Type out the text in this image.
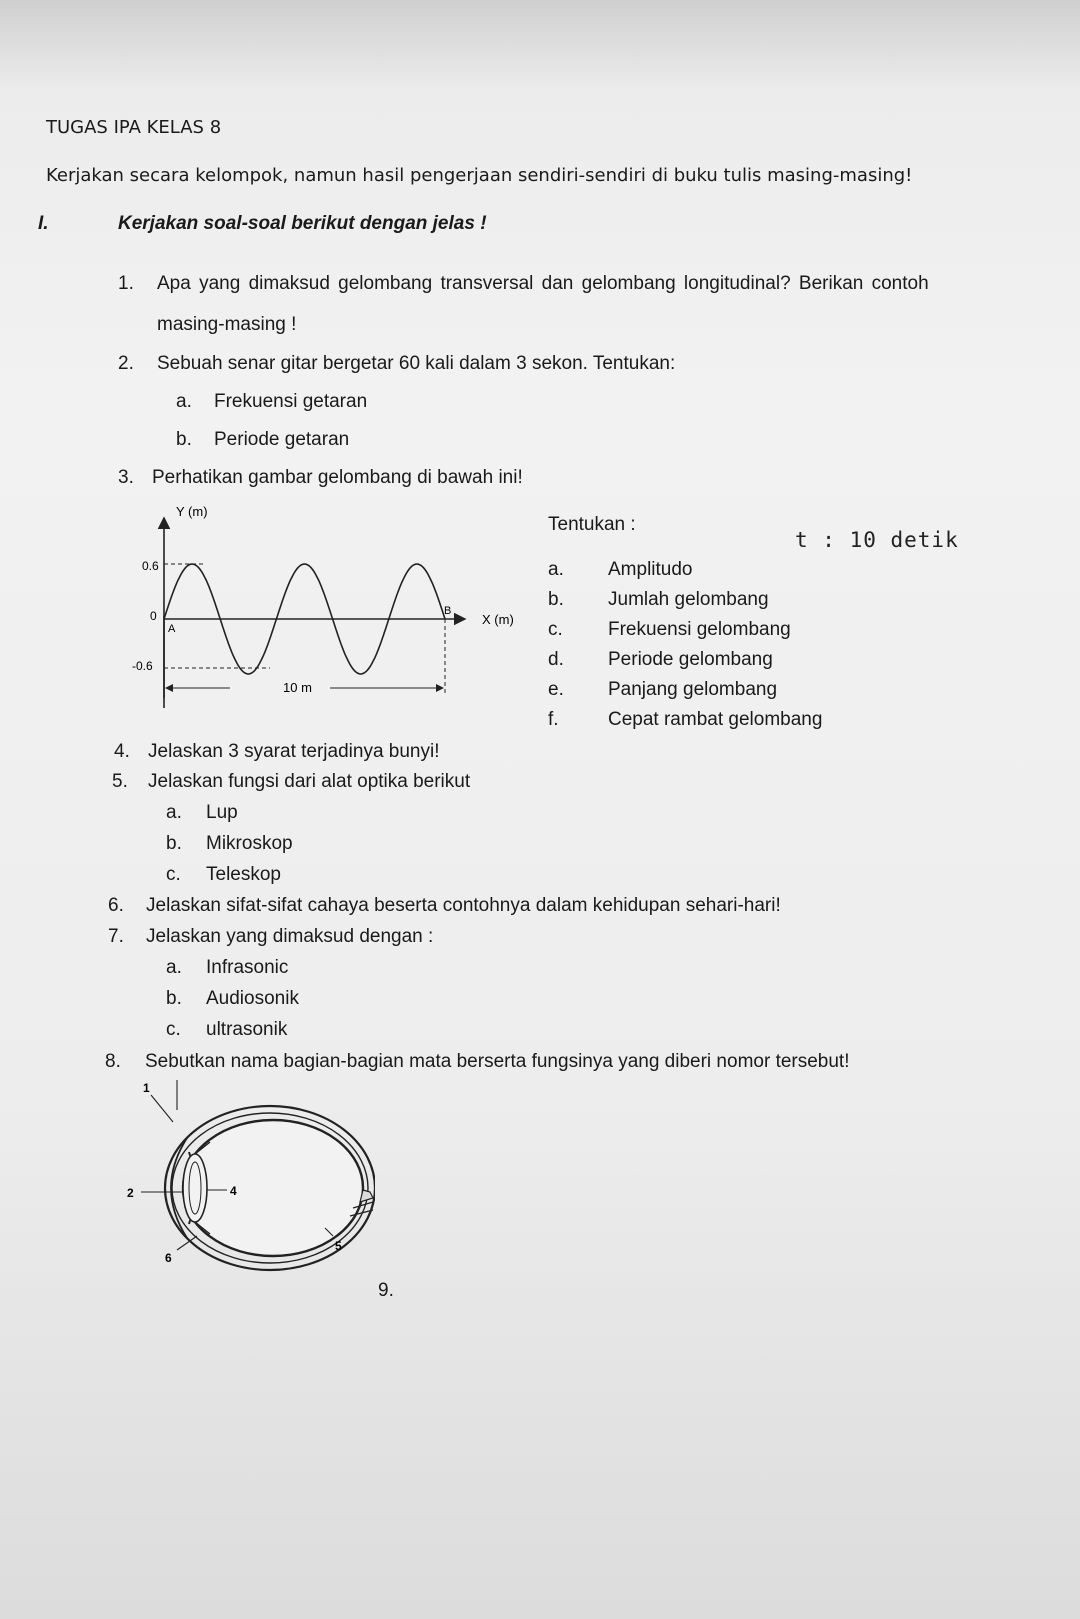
TUGAS IPA KELAS 8
Kerjakan secara kelompok, namun hasil pengerjaan sendiri-sendiri di buku tulis masing-masing!
I.	Kerjakan soal-soal berikut dengan jelas !
1. Apa yang dimaksud gelombang transversal dan gelombang longitudinal? Berikan contoh
masing-masing !
2. Sebuah senar gitar bergetar 60 kali dalam 3 sekon. Tentukan:
a. Frekuensi getaran
b. Periode getaran
3. Perhatikan gambar gelombang di bawah ini!
Y (m)
X (m)
0.6
0
-0.6
A
B
10 m
Tentukan :
t : 10 detik
a. Amplitudo
b. Jumlah gelombang
c. Frekuensi gelombang
d. Periode gelombang
e. Panjang gelombang
f.	Cepat rambat gelombang
4. Jelaskan 3 syarat terjadinya bunyi!
5. Jelaskan fungsi dari alat optika berikut
a. Lup
b. Mikroskop
c. Teleskop
6. Jelaskan sifat-sifat cahaya beserta contohnya dalam kehidupan sehari-hari!
7. Jelaskan yang dimaksud dengan :
a. Infrasonic
b. Audiosonik
c. ultrasonik
8. Sebutkan nama bagian-bagian mata berserta fungsinya yang diberi nomor tersebut!
1
2	4
5
6
9.
